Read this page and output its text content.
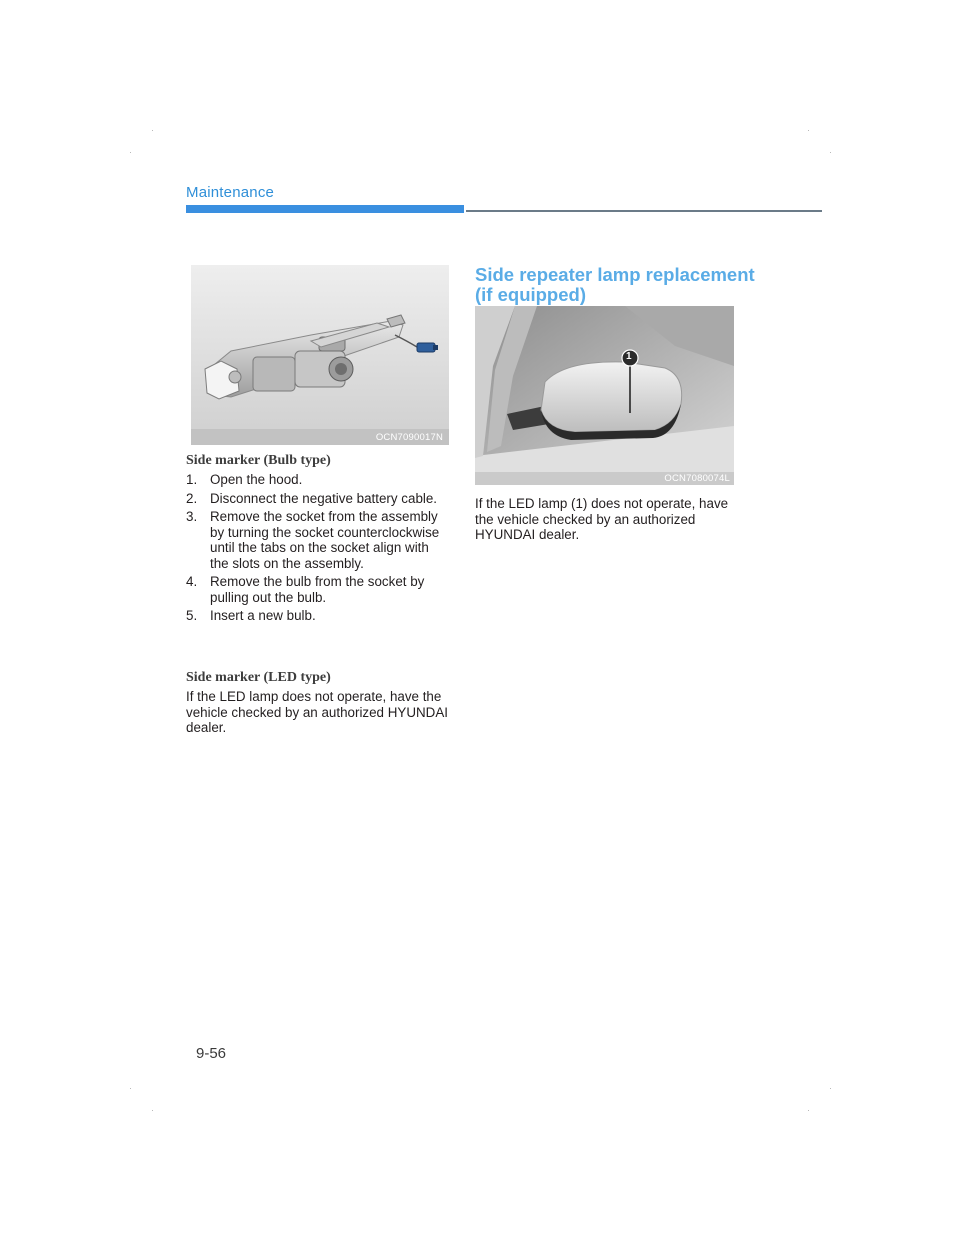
Maintenance
OCN7090017N
Side marker (Bulb type)
1. Open the hood.
2. Disconnect the negative battery cable.
3. Remove the socket from the assembly by turning the socket counterclockwise until the tabs on the socket align with the slots on the assembly.
4. Remove the bulb from the socket by pulling out the bulb.
5. Insert a new bulb.
Side marker (LED type)
If the LED lamp does not operate, have the vehicle checked by an authorized HYUNDAI dealer.
Side repeater lamp replacement
(if equipped)
1
OCN7080074L
If the LED lamp (1) does not operate, have the vehicle checked by an authorized HYUNDAI dealer.
9-56
